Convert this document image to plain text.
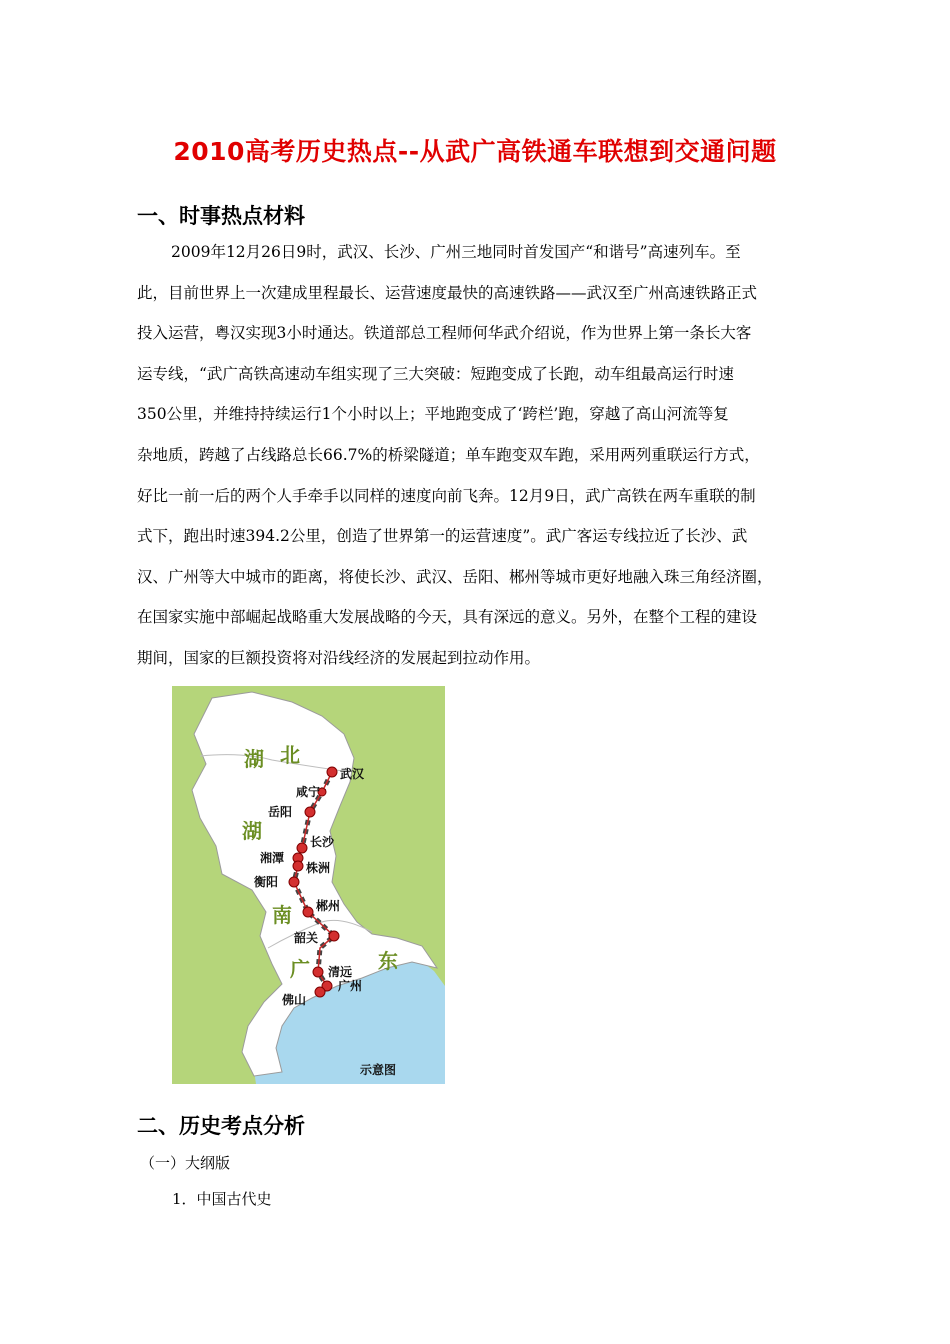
2010高考历史热点--从武广高铁通车联想到交通问题
一、时事热点材料
2009年12月26日9时，武汉、长沙、广州三地同时首发国产“和谐号”高速列车。至
此，目前世界上一次建成里程最长、运营速度最快的高速铁路——武汉至广州高速铁路正式
投入运营，粤汉实现3小时通达。铁道部总工程师何华武介绍说，作为世界上第一条长大客
运专线，“武广高铁高速动车组实现了三大突破：短跑变成了长跑，动车组最高运行时速
350公里，并维持持续运行1个小时以上；平地跑变成了‘跨栏’跑，穿越了高山河流等复
杂地质，跨越了占线路总长66.7%的桥梁隧道；单车跑变双车跑，采用两列重联运行方式，
好比一前一后的两个人手牵手以同样的速度向前飞奔。12月9日，武广高铁在两车重联的制
式下，跑出时速394.2公里，创造了世界第一的运营速度”。武广客运专线拉近了长沙、武
汉、广州等大中城市的距离，将使长沙、武汉、岳阳、郴州等城市更好地融入珠三角经济圈，
在国家实施中部崛起战略重大发展战略的今天，具有深远的意义。另外，在整个工程的建设
期间，国家的巨额投资将对沿线经济的发展起到拉动作用。
湖 北
湖
南
广	东
武汉
咸宁
岳阳
长沙
湘潭
株洲
衡阳
郴州
韶关
清远
广州
佛山
示意图
二、历史考点分析
（一）大纲版
1．中国古代史
